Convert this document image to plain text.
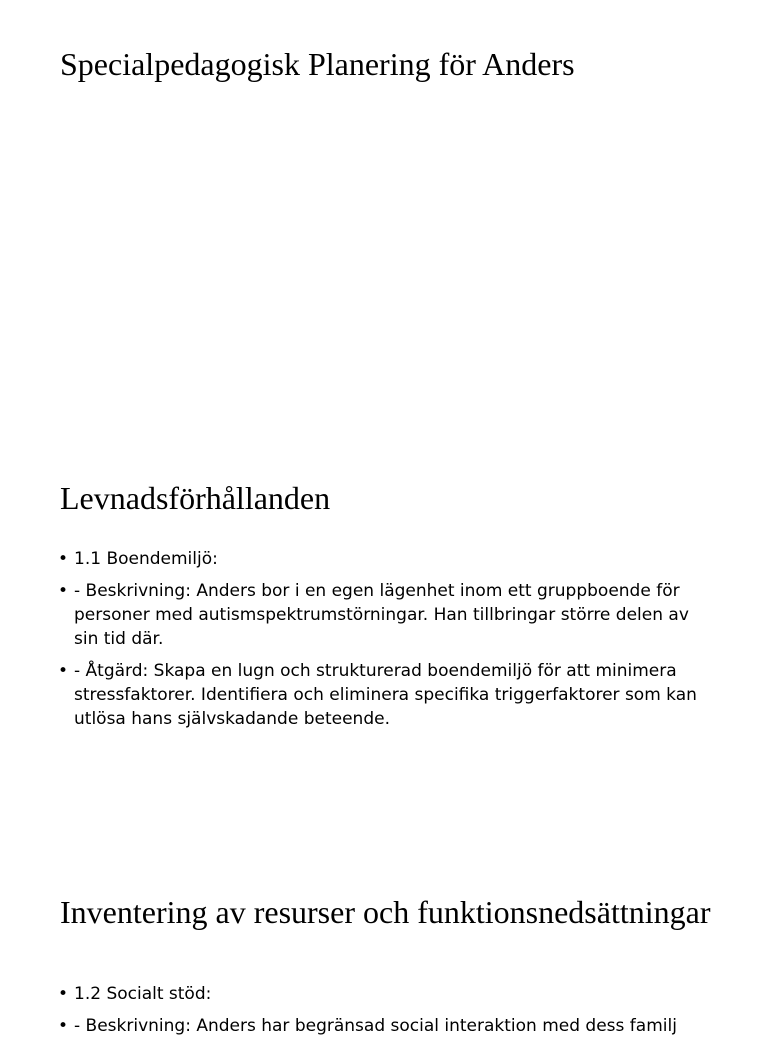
Specialpedagogisk Planering för Anders
Levnadsförhållanden
• 1.1 Boendemiljö:
• - Beskrivning: Anders bor i en egen lägenhet inom ett gruppboende för personer med autismspektrumstörningar. Han tillbringar större delen av sin tid där.
• - Åtgärd: Skapa en lugn och strukturerad boendemiljö för att minimera stressfaktorer. Identifiera och eliminera specifika triggerfaktorer som kan utlösa hans självskadande beteende.
Inventering av resurser och funktionsnedsättningar
• 1.2 Socialt stöd:
• - Beskrivning: Anders har begränsad social interaktion med dess familj
